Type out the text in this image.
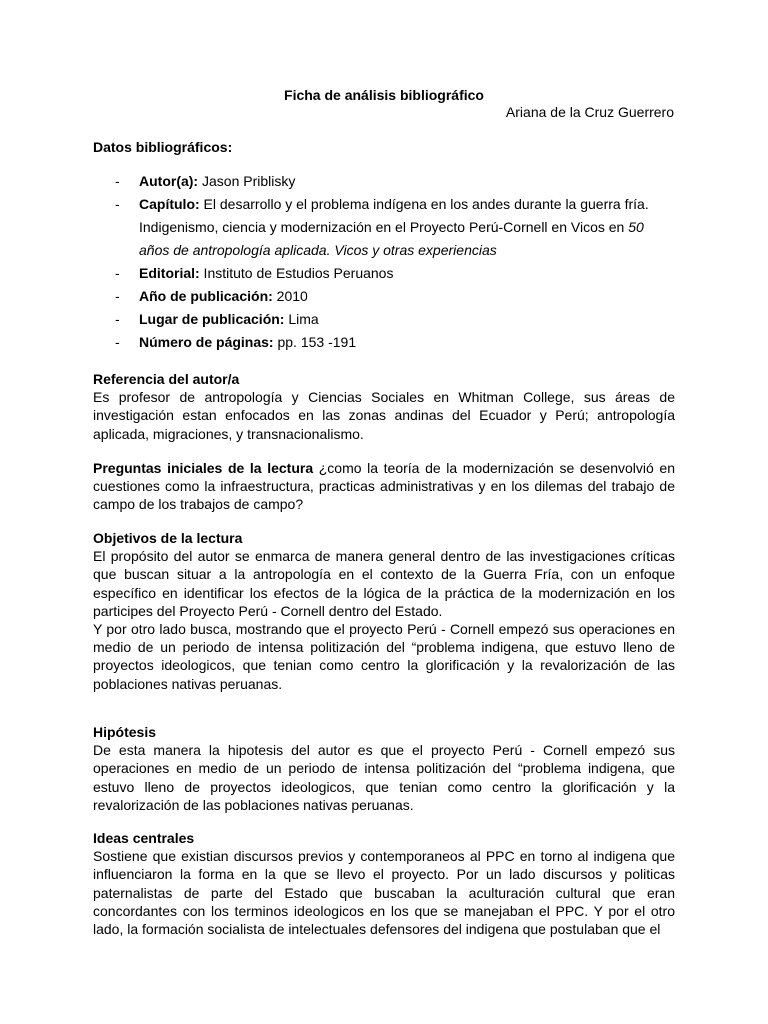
Ficha de análisis bibliográfico
Ariana de la Cruz Guerrero
Datos bibliográficos:
- Autor(a): Jason Priblisky
- Capítulo: El desarrollo y el problema indígena en los andes durante la guerra fría. Indigenismo, ciencia y modernización en el Proyecto Perú-Cornell en Vicos en 50 años de antropología aplicada. Vicos y otras experiencias
- Editorial: Instituto de Estudios Peruanos
- Año de publicación: 2010
- Lugar de publicación: Lima
- Número de páginas: pp. 153 -191
Referencia del autor/a

Es profesor de antropología y Ciencias Sociales en Whitman College, sus áreas de investigación estan enfocados en las zonas andinas del Ecuador y Perú; antropología aplicada, migraciones, y transnacionalismo.

Preguntas iniciales de la lectura ¿como la teoría de la modernización se desenvolvió en cuestiones como la infraestructura, practicas administrativas y en los dilemas del trabajo de campo de los trabajos de campo?

Objetivos de la lectura

El propósito del autor se enmarca de manera general dentro de las investigaciones críticas que buscan situar a la antropología en el contexto de la Guerra Fría, con un enfoque específico en identificar los efectos de la lógica de la práctica de la modernización en los participes del Proyecto Perú - Cornell dentro del Estado.

Y por otro lado busca, mostrando que el proyecto Perú - Cornell empezó sus operaciones en medio de un periodo de intensa politización del “problema indigena, que estuvo lleno de proyectos ideologicos, que tenian como centro la glorificación y la revalorización de las poblaciones nativas peruanas.

Hipótesis

De esta manera la hipotesis del autor es que el proyecto Perú - Cornell empezó sus operaciones en medio de un periodo de intensa politización del “problema indigena, que estuvo lleno de proyectos ideologicos, que tenian como centro la glorificación y la revalorización de las poblaciones nativas peruanas.

Ideas centrales

Sostiene que existian discursos previos y contemporaneos al PPC en torno al indigena que influenciaron la forma en la que se llevo el proyecto. Por un lado discursos y politicas paternalistas de parte del Estado que buscaban la aculturación cultural que eran concordantes con los terminos ideologicos en los que se manejaban el PPC. Y por el otro lado, la formación socialista de intelectuales defensores del indigena que postulaban que el
